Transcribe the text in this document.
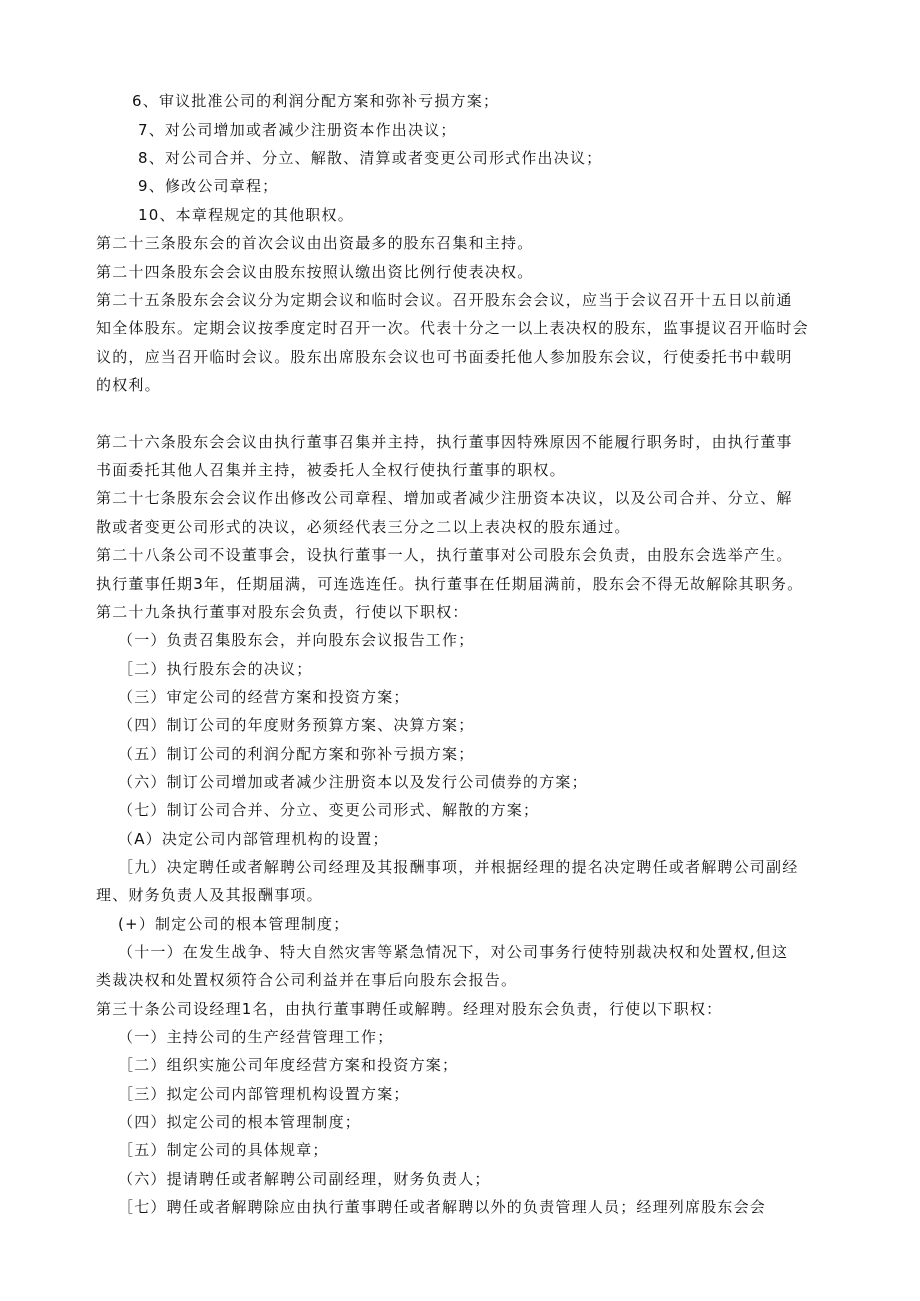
6、审议批准公司的利润分配方案和弥补亏损方案；
7、对公司增加或者减少注册资本作出决议；
8、对公司合并、分立、解散、清算或者变更公司形式作出决议；
9、修改公司章程；
10、本章程规定的其他职权。
第二十三条股东会的首次会议由出资最多的股东召集和主持。
第二十四条股东会会议由股东按照认缴出资比例行使表决权。
第二十五条股东会会议分为定期会议和临时会议。召开股东会会议，应当于会议召开十五日以前通
知全体股东。定期会议按季度定时召开一次。代表十分之一以上表决权的股东，监事提议召开临时会
议的，应当召开临时会议。股东出席股东会议也可书面委托他人参加股东会议，行使委托书中载明
的权利。
第二十六条股东会会议由执行董事召集并主持，执行董事因特殊原因不能履行职务时，由执行董事
书面委托其他人召集并主持，被委托人全权行使执行董事的职权。
第二十七条股东会会议作出修改公司章程、增加或者减少注册资本决议，以及公司合并、分立、解
散或者变更公司形式的决议，必须经代表三分之二以上表决权的股东通过。
第二十八条公司不设董事会，设执行董事一人，执行董事对公司股东会负责，由股东会选举产生。
执行董事任期3年，任期届满，可连选连任。执行董事在任期届满前，股东会不得无故解除其职务。
第二十九条执行董事对股东会负责，行使以下职权：
（一）负责召集股东会，并向股东会议报告工作；
［二）执行股东会的决议；
（三）审定公司的经营方案和投资方案；
（四）制订公司的年度财务预算方案、决算方案；
（五）制订公司的利润分配方案和弥补亏损方案；
（六）制订公司增加或者减少注册资本以及发行公司债券的方案；
（七）制订公司合并、分立、变更公司形式、解散的方案；
（A）决定公司内部管理机构的设置；
［九）决定聘任或者解聘公司经理及其报酬事项，并根据经理的提名决定聘任或者解聘公司副经
理、财务负责人及其报酬事项。
(+）制定公司的根本管理制度；
（十一）在发生战争、特大自然灾害等紧急情况下，对公司事务行使特别裁决权和处置权,但这
类裁决权和处置权须符合公司利益并在事后向股东会报告。
第三十条公司设经理1名，由执行董事聘任或解聘。经理对股东会负责，行使以下职权：
（一）主持公司的生产经营管理工作；
［二）组织实施公司年度经营方案和投资方案；
［三）拟定公司内部管理机构设置方案；
（四）拟定公司的根本管理制度；
［五）制定公司的具体规章；
（六）提请聘任或者解聘公司副经理，财务负责人；
［七）聘任或者解聘除应由执行董事聘任或者解聘以外的负责管理人员；经理列席股东会会
